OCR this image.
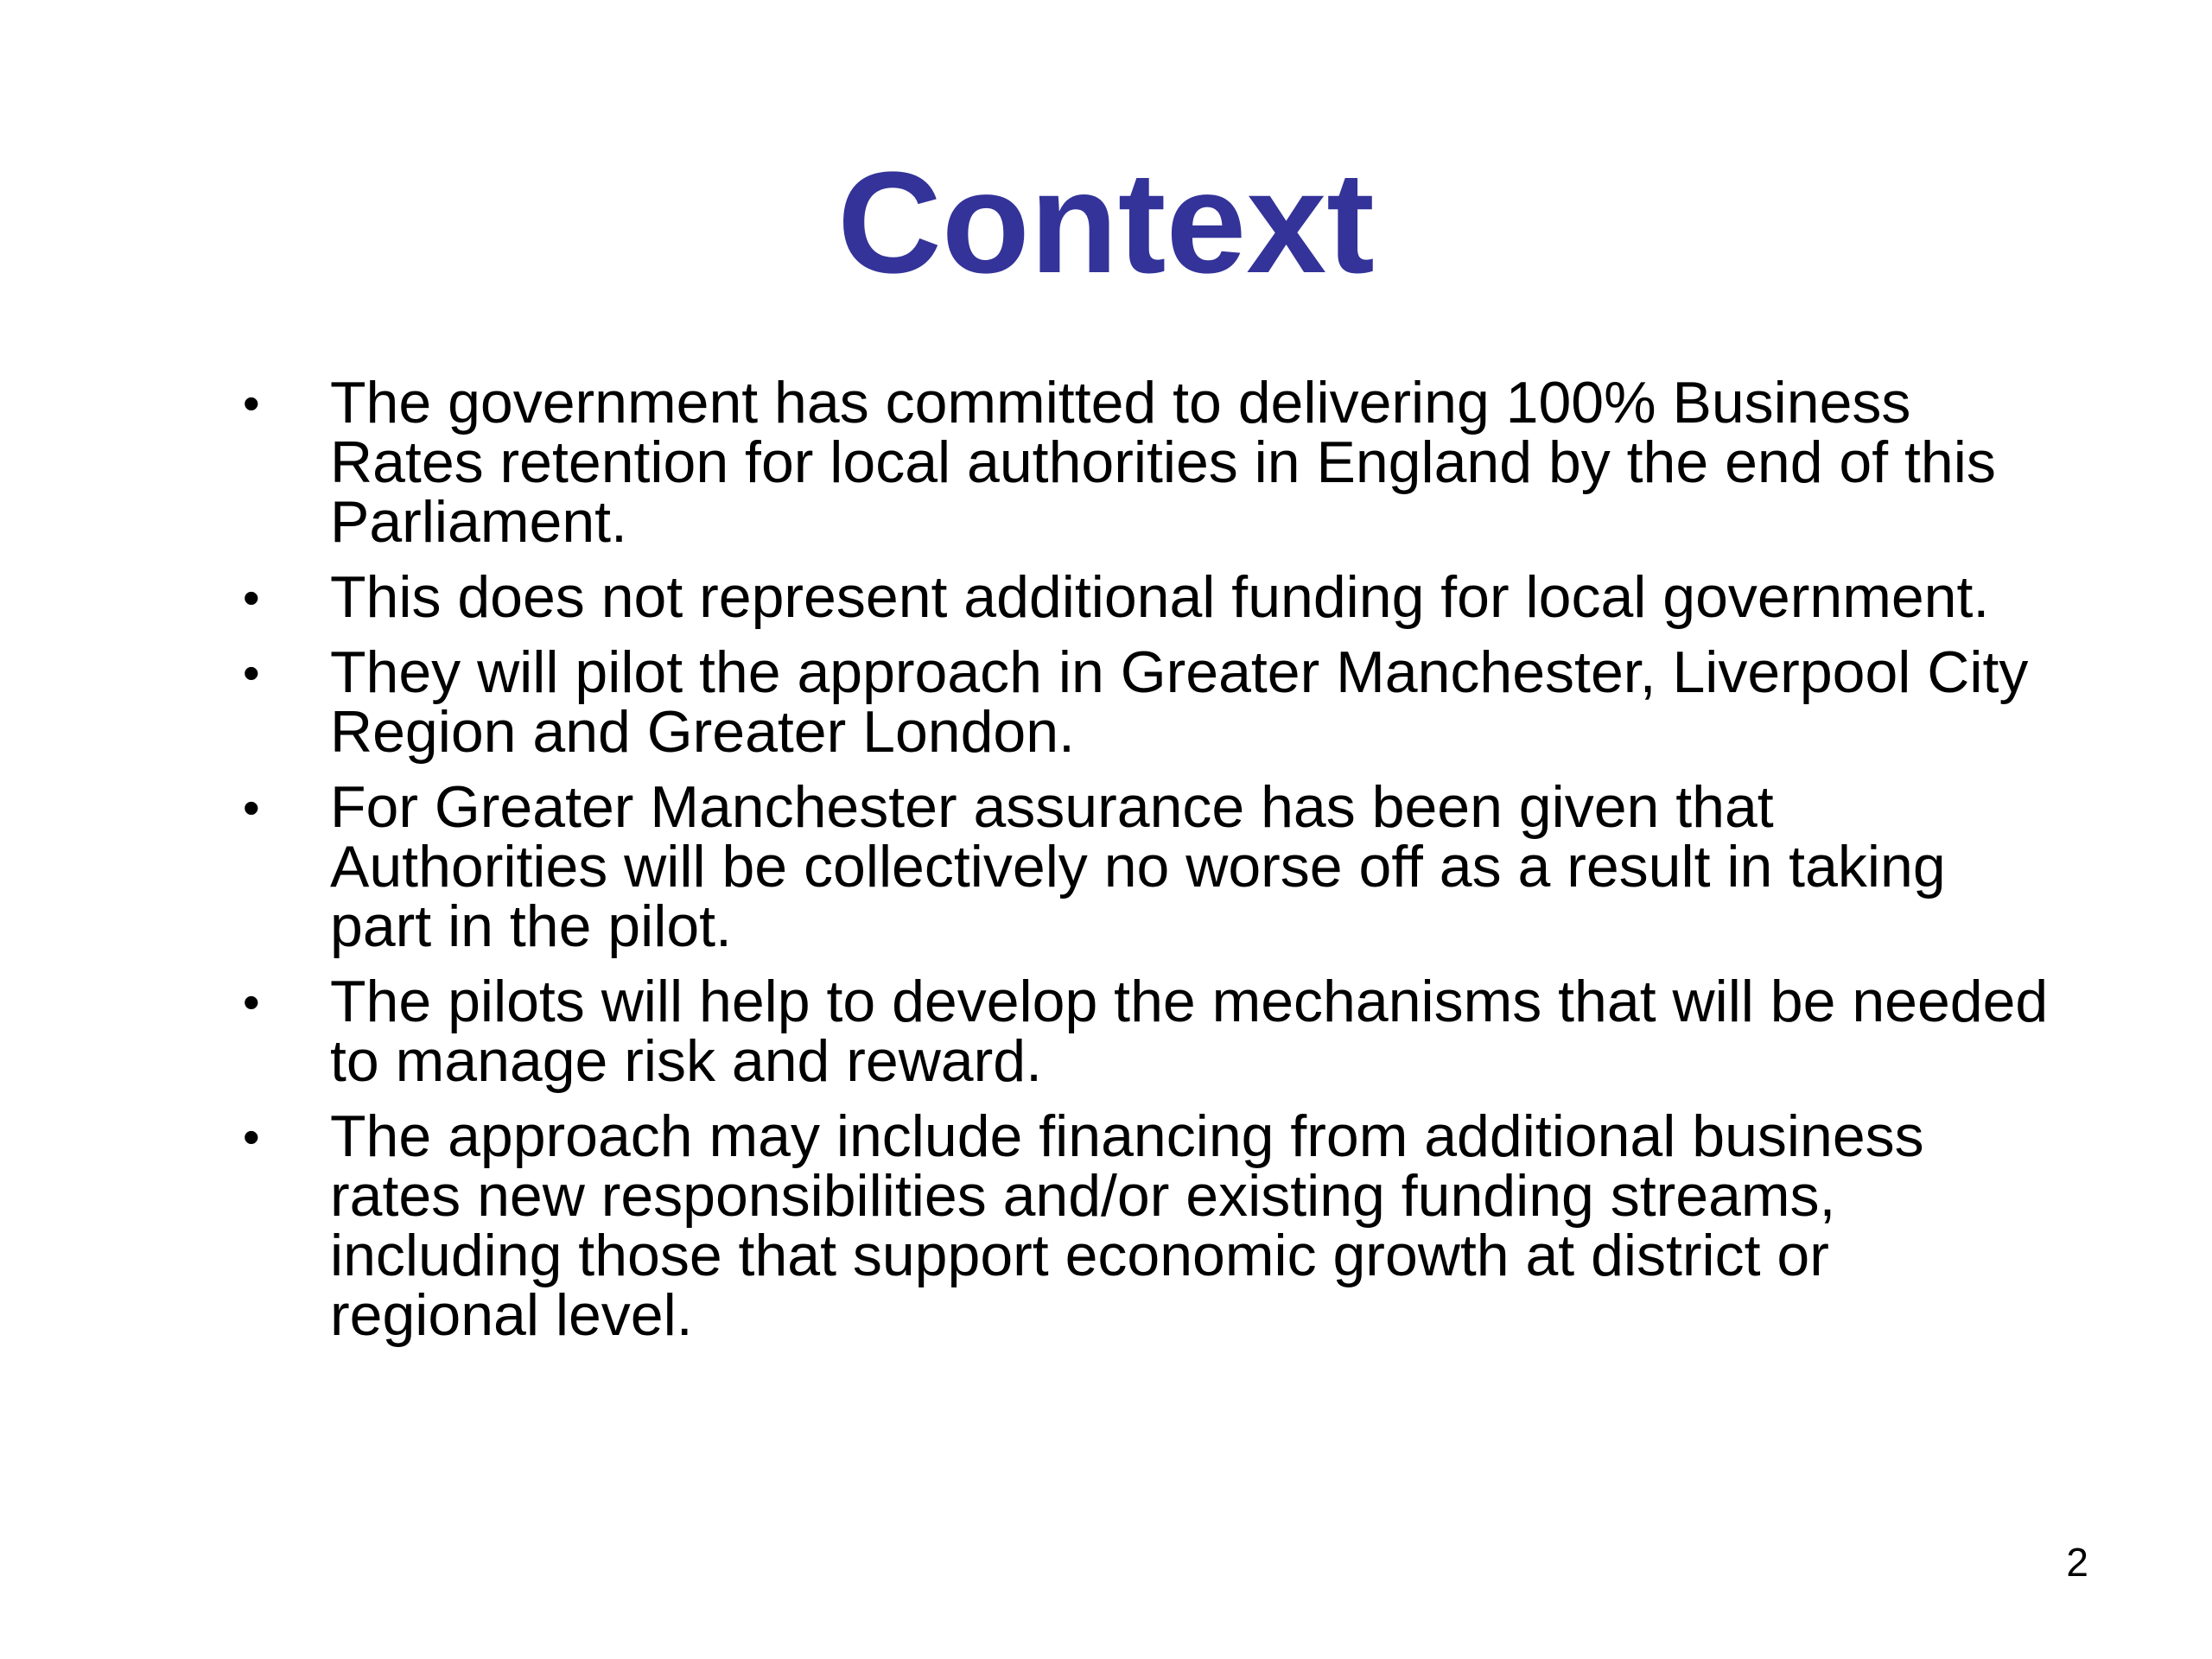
Context
• The government has committed to delivering 100% Business Rates retention for local authorities in England by the end of this Parliament.
• This does not represent additional funding for local government.
• They will pilot the approach in Greater Manchester, Liverpool City Region and Greater London.
• For Greater Manchester assurance has been given that Authorities will be collectively no worse off as a result in taking part in the pilot.
• The pilots will help to develop the mechanisms that will be needed to manage risk and reward.
• The approach may include financing from additional business rates new responsibilities and/or existing funding streams, including those that support economic growth at district or regional level.
2
